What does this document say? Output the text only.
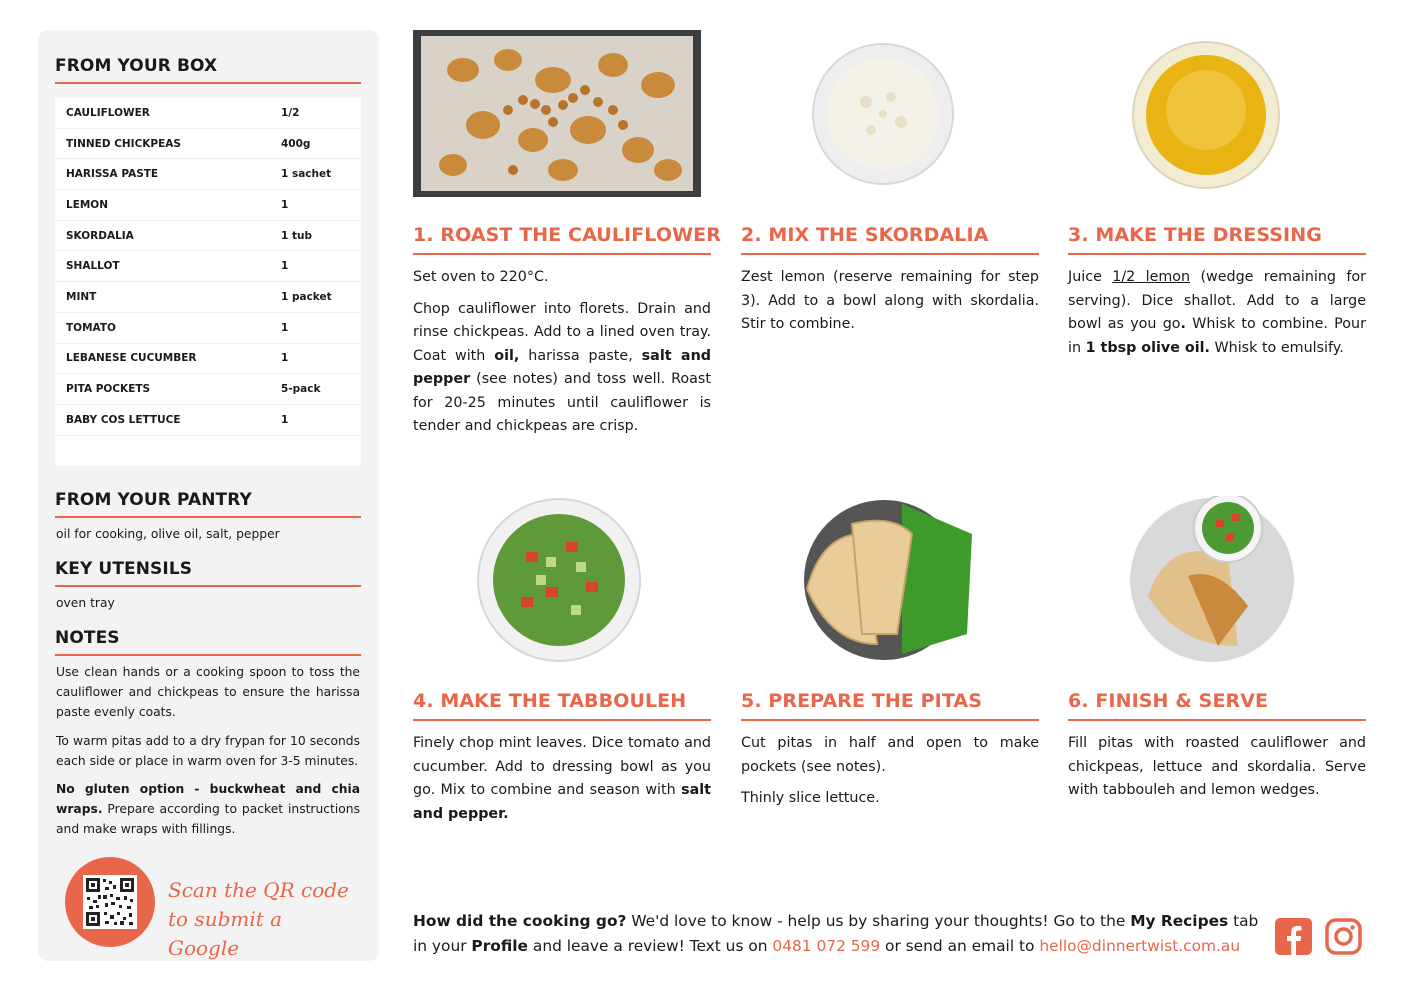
FROM YOUR BOX
CAULIFLOWER	1/2
TINNED CHICKPEAS	400g
HARISSA PASTE	1 sachet
LEMON	1
SKORDALIA	1 tub
SHALLOT	1
MINT	1 packet
TOMATO	1
LEBANESE CUCUMBER	1
PITA POCKETS	5-pack
BABY COS LETTUCE	1
FROM YOUR PANTRY
oil for cooking, olive oil, salt, pepper
KEY UTENSILS
oven tray
NOTES
Use clean hands or a cooking spoon to toss the cauliflower and chickpeas to ensure the harissa paste evenly coats.
To warm pitas add to a dry frypan for 10 seconds each side or place in warm oven for 3-5 minutes.
No gluten option - buckwheat and chia wraps. Prepare according to packet instructions and make wraps with fillings.
Scan the QR code to submit a Google
1. ROAST THE CAULIFLOWER

Set oven to 220°C.

Chop cauliflower into florets. Drain and rinse chickpeas. Add to a lined oven tray. Coat with oil, harissa paste, salt and pepper (see notes) and toss well. Roast for 20-25 minutes until cauliflower is tender and chickpeas are crisp.

2. MIX THE SKORDALIA

Zest lemon (reserve remaining for step 3). Add to a bowl along with skordalia. Stir to combine.

3. MAKE THE DRESSING

Juice 1/2 lemon (wedge remaining for serving). Dice shallot. Add to a large bowl as you go. Whisk to combine. Pour in 1 tbsp olive oil. Whisk to emulsify.

4. MAKE THE TABBOULEH

Finely chop mint leaves. Dice tomato and cucumber. Add to dressing bowl as you go. Mix to combine and season with salt and pepper.

5. PREPARE THE PITAS

Cut pitas in half and open to make pockets (see notes).

Thinly slice lettuce.

6. FINISH & SERVE

Fill pitas with roasted cauliflower and chickpeas, lettuce and skordalia. Serve with tabbouleh and lemon wedges.

How did the cooking go? We'd love to know - help us by sharing your thoughts! Go to the My Recipes tab in your Profile and leave a review! Text us on 0481 072 599 or send an email to hello@dinnertwist.com.au
